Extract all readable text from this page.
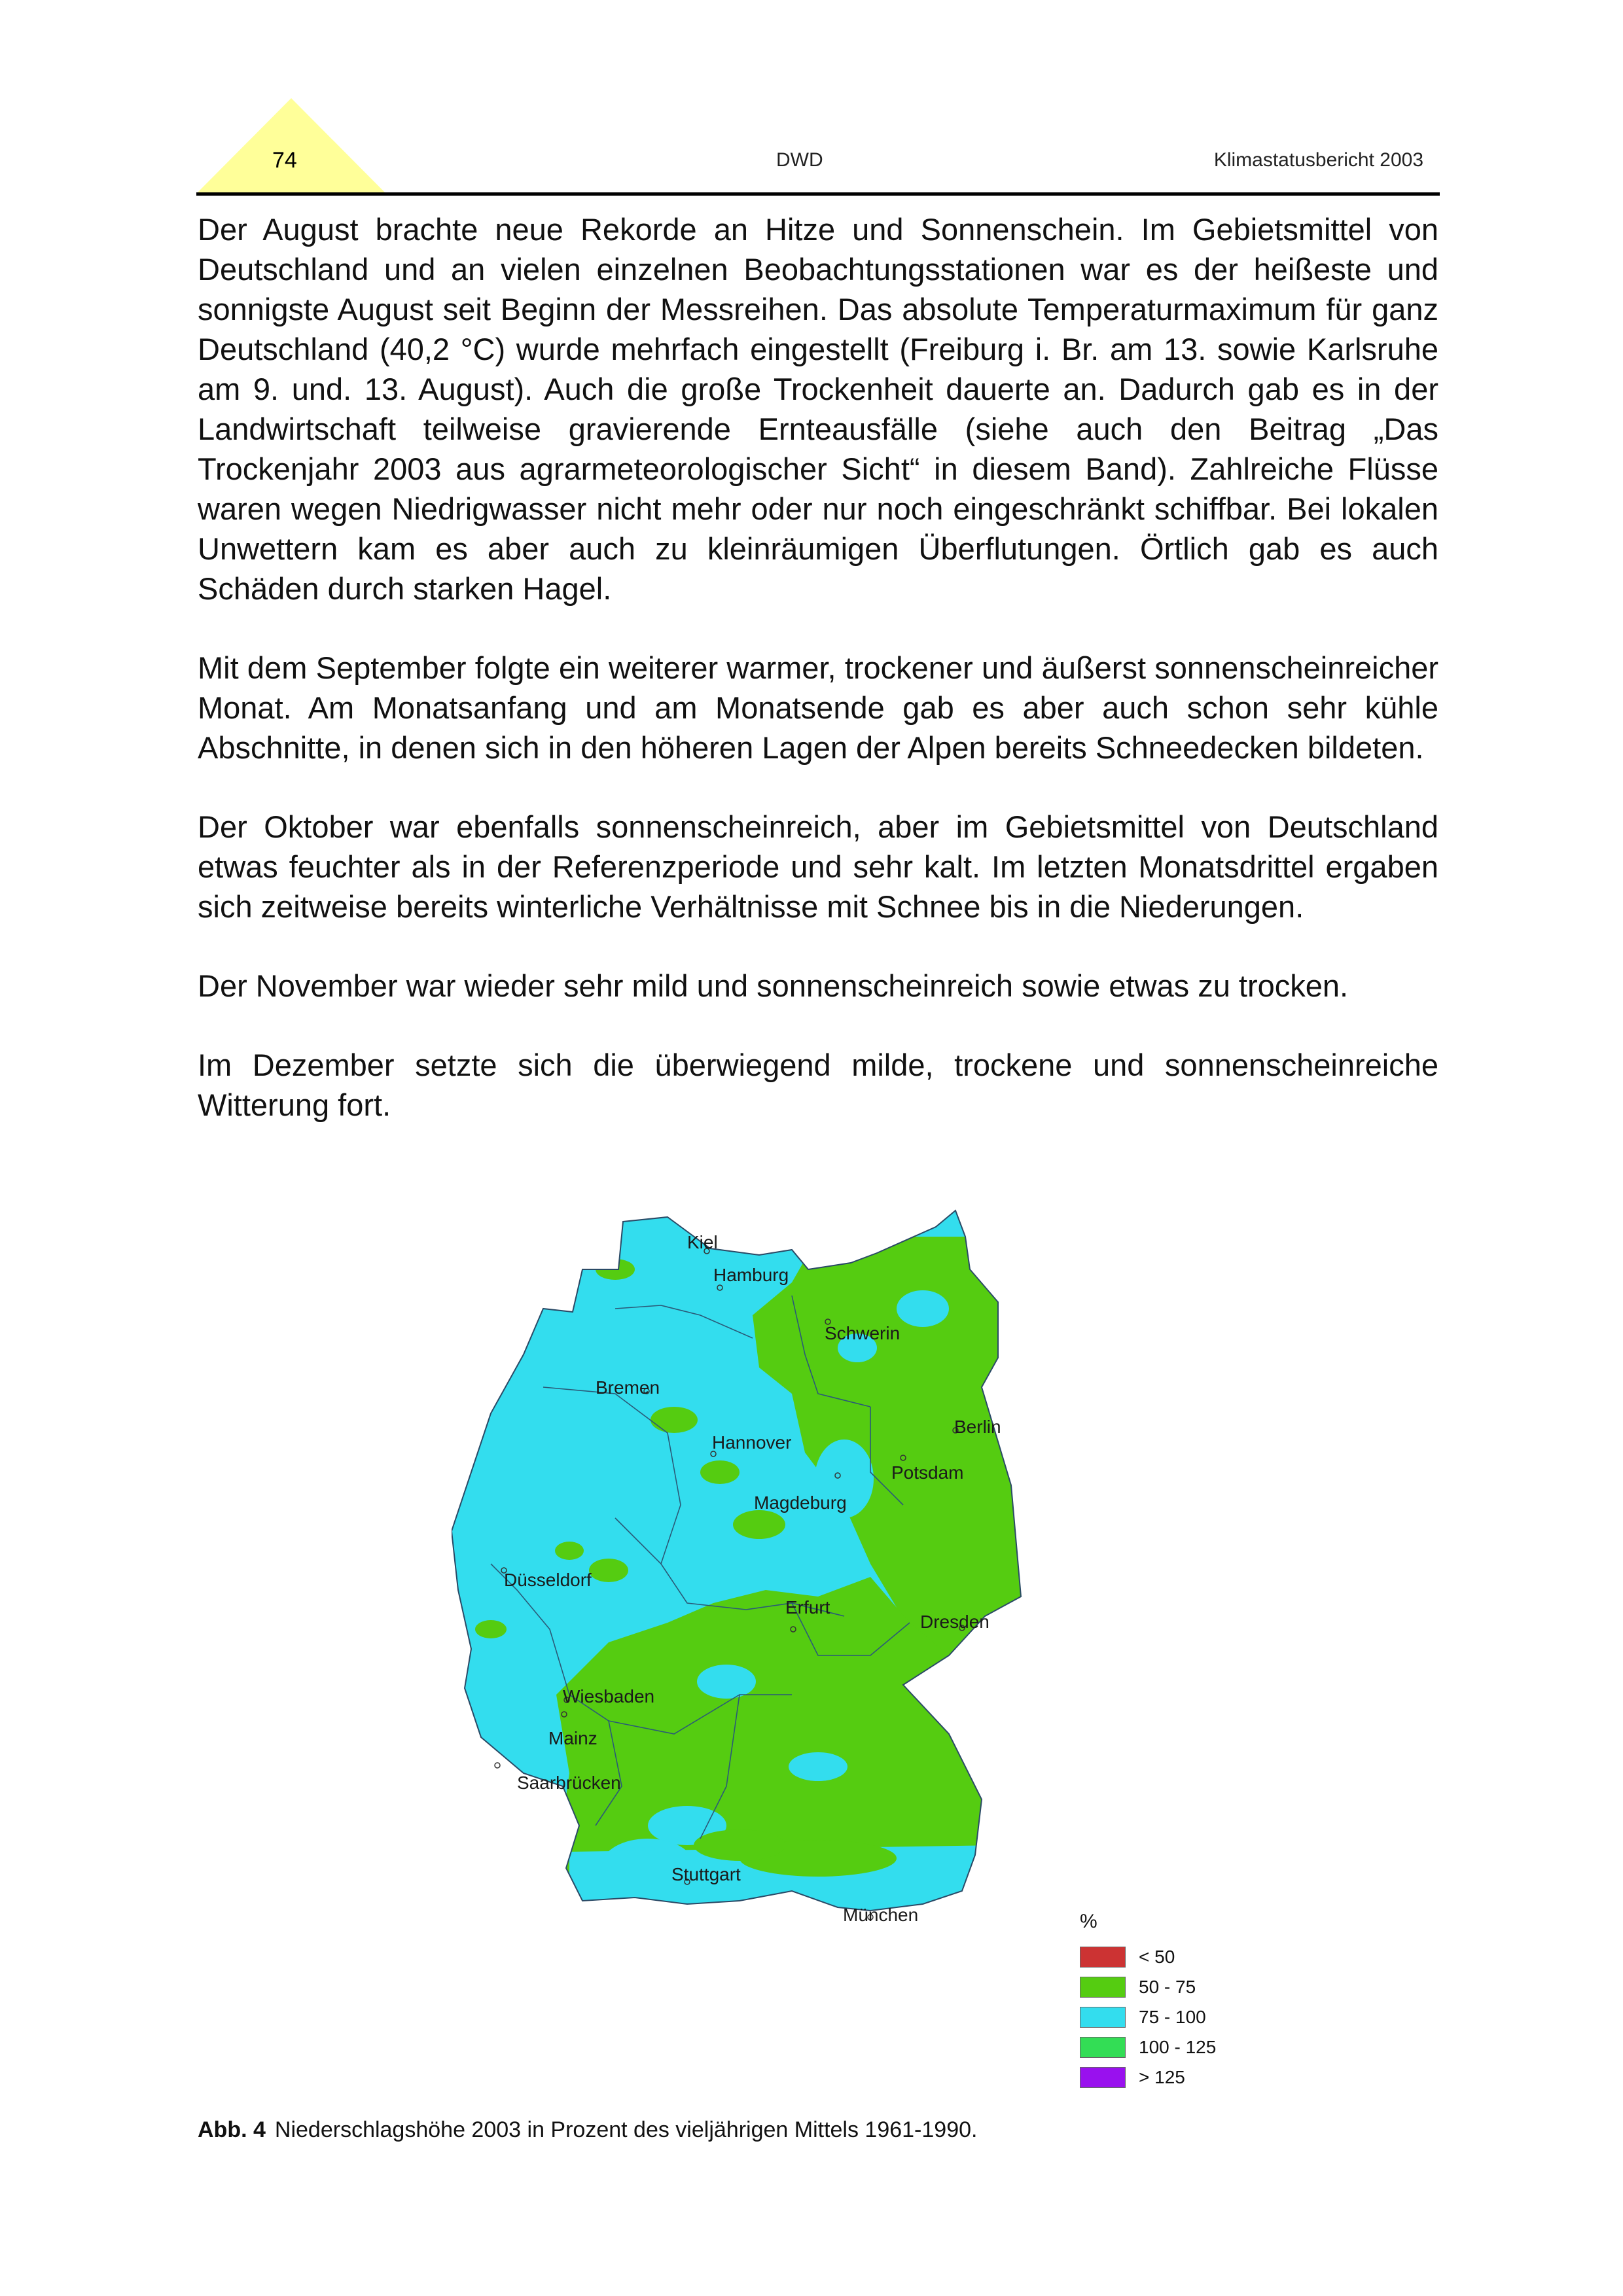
74	DWD	Klimastatusbericht 2003

Der August brachte neue Rekorde an Hitze und Sonnenschein. Im Gebietsmittel von Deutschland und an vielen einzelnen Beobachtungsstationen war es der heißeste und sonnigste August seit Beginn der Messreihen. Das absolute Temperaturmaximum für ganz Deutschland (40,2 °C) wurde mehrfach eingestellt (Freiburg i. Br. am 13. sowie Karlsruhe am 9. und. 13. August). Auch die große Trockenheit dauerte an. Dadurch gab es in der Landwirtschaft teilweise gravierende Ernteausfälle (siehe auch den Beitrag „Das Trockenjahr 2003 aus agrarmeteorologischer Sicht“ in diesem Band). Zahlreiche Flüsse waren wegen Niedrigwasser nicht mehr oder nur noch eingeschränkt schiffbar. Bei lokalen Unwettern kam es aber auch zu kleinräumigen Überflutungen. Örtlich gab es auch Schäden durch starken Hagel.

Mit dem September folgte ein weiterer warmer, trockener und äußerst sonnenscheinreicher Monat. Am Monatsanfang und am Monatsende gab es aber auch schon sehr kühle Abschnitte, in denen sich in den höheren Lagen der Alpen bereits Schneedecken bildeten.

Der Oktober war ebenfalls sonnenscheinreich, aber im Gebietsmittel von Deutschland etwas feuchter als in der Referenzperiode und sehr kalt. Im letzten Monatsdrittel ergaben sich zeitweise bereits winterliche Verhältnisse mit Schnee bis in die Niederungen.

Der November war wieder sehr mild und sonnenscheinreich sowie etwas zu trocken.

Im Dezember setzte sich die überwiegend milde, trockene und sonnenscheinreiche Witterung fort.

Kiel
Hamburg
Schwerin
Bremen
Berlin
Hannover
Potsdam
Magdeburg
Düsseldorf
Erfurt
Dresden
Wiesbaden
Mainz
Saarbrücken
Stuttgart
München	%
< 50
50 - 75
75 - 100
100 - 125
> 125
Abb. 4 Niederschlagshöhe 2003 in Prozent des vieljährigen Mittels 1961-1990.
